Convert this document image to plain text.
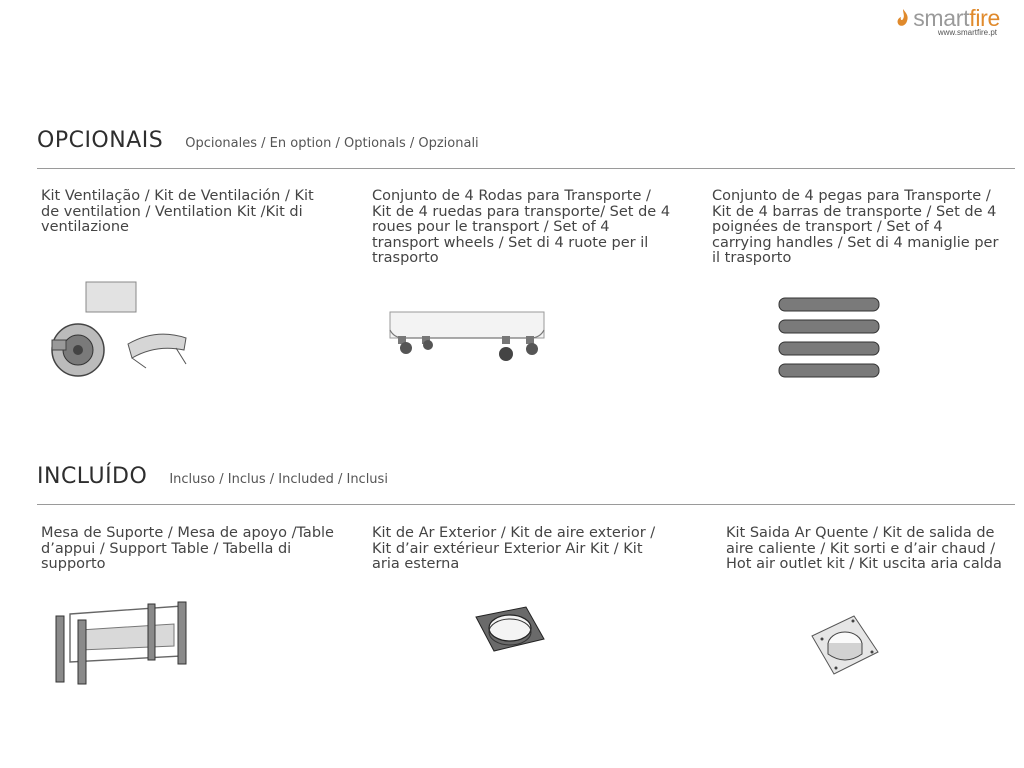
smartfire
www.smartfire.pt
OPCIONAIS Opcionales / En option / Optionals / Opzionali
Kit Ventilação / Kit de Ventilación / Kit de ventilation / Ventilation Kit /Kit di ventilazione
Conjunto de 4 Rodas para Transporte / Kit de 4 ruedas para transporte/ Set de 4 roues pour le transport / Set of 4 transport wheels / Set di 4 ruote per il trasporto
Conjunto de 4 pegas para Transporte / Kit de 4 barras de transporte / Set de 4 poignées de transport / Set of 4 carrying handles / Set di 4 maniglie per il trasporto
INCLUÍDO Incluso / Inclus / Included / Inclusi
Mesa de Suporte / Mesa de apoyo /Table d’appui / Support Table / Tabella di supporto
Kit de Ar Exterior / Kit de aire exterior / Kit d’air extérieur Exterior Air Kit / Kit aria esterna
Kit Saida Ar Quente / Kit de salida de aire caliente / Kit sorti e d’air chaud / Hot air outlet kit / Kit uscita aria calda
